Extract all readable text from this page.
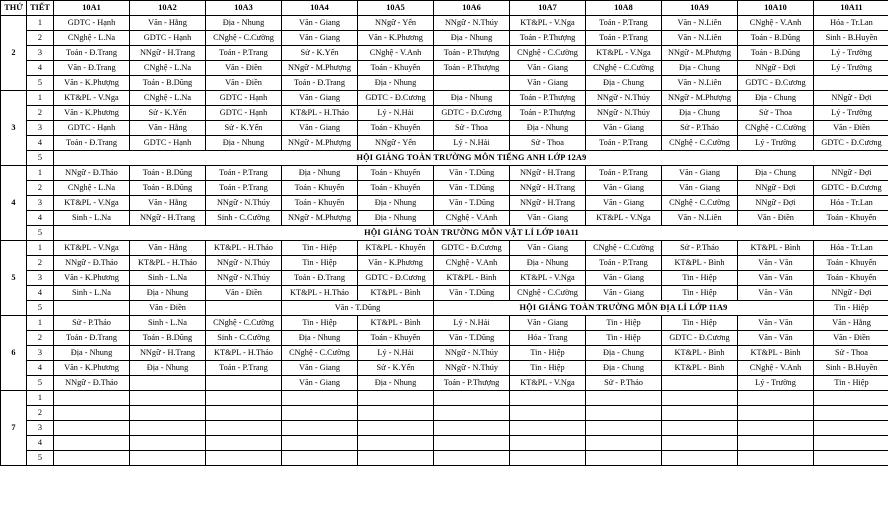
THỨ	TIẾT	10A1	10A2	10A3	10A4	10A5	10A6	10A7	10A8	10A9	10A10	10A11
2	1	GDTC - Hạnh	Văn - Hằng	Địa - Nhung	Văn - Giang	NNgữ - Yến	NNgữ - N.Thúy	KT&PL - V.Nga	Toán - P.Trang	Văn - N.Liên	CNghệ - V.Anh	Hóa - Tr.Lan
	2	CNghệ - L.Na	GDTC - Hạnh	CNghệ - C.Cường	Văn - Giang	Văn - K.Phương	Địa - Nhung	Toán - P.Thượng	Toán - P.Trang	Văn - N.Liên	Toán - B.Dũng	Sinh - B.Huyền
	3	Toán - Đ.Trang	NNgữ - H.Trang	Toán - P.Trang	Sử - K.Yến	CNghệ - V.Anh	Toán - P.Thượng	CNghệ - C.Cường	KT&PL - V.Nga	NNgữ - M.Phượng	Toán - B.Dũng	Lý - Trường
	4	Văn - Đ.Trang	CNghệ - L.Na	Văn - Điền	NNgữ - M.Phượng	Toán - Khuyến	Toán - P.Thượng	Văn - Giang	CNghệ - C.Cường	Địa - Chung	NNgữ - Đợi	Lý - Trường
	5	Văn - K.Phượng	Toán - B.Dũng	Văn - Điền	Toán - Đ.Trang	Địa - Nhung		Văn - Giang	Địa - Chung	Văn - N.Liên	GDTC - Đ.Cương	
3	1	KT&PL - V.Nga	CNghệ - L.Na	GDTC - Hạnh	Văn - Giang	GDTC - Đ.Cương	Địa - Nhung	Toán - P.Thượng	NNgữ - N.Thúy	NNgữ - M.Phượng	Địa - Chung	NNgữ - Đợi
	2	Văn - K.Phương	Sử - K.Yến	GDTC - Hạnh	KT&PL - H.Thảo	Lý - N.Hải	GDTC - Đ.Cương	Toán - P.Thượng	NNgữ - N.Thúy	Địa - Chung	Sử - Thoa	Lý - Trường
	3	GDTC - Hạnh	Văn - Hằng	Sử - K.Yến	Văn - Giang	Toán - Khuyến	Sử - Thoa	Địa - Nhung	Văn - Giang	Sử - P.Thảo	CNghệ - C.Cường	Văn - Điền
	4	Toán - Đ.Trang	GDTC - Hạnh	Địa - Nhung	NNgữ - M.Phượng	NNgữ - Yến	Lý - N.Hải	Sử - Thoa	Toán - P.Trang	CNghệ - C.Cường	Lý - Trường	GDTC - Đ.Cương
	5	HỘI GIẢNG TOÀN TRƯỜNG MÔN TIẾNG ANH LỚP 12A9										
4	1	NNgữ - Đ.Thảo	Toán - B.Dũng	Toán - P.Trang	Địa - Nhung	Toán - Khuyến	Văn - T.Dũng	NNgữ - H.Trang	Toán - P.Trang	Văn - Giang	Địa - Chung	NNgữ - Đợi
	2	CNghệ - L.Na	Toán - B.Dũng	Toán - P.Trang	Toán - Khuyến	Toán - Khuyến	Văn - T.Dũng	NNgữ - H.Trang	Văn - Giang	Văn - Giang	NNgữ - Đợi	GDTC - Đ.Cương
	3	KT&PL - V.Nga	Văn - Hằng	NNgữ - N.Thúy	Toán - Khuyến	Địa - Nhung	Văn - T.Dũng	NNgữ - H.Trang	Văn - Giang	CNghệ - C.Cường	NNgữ - Đợi	Hóa - Tr.Lan
	4	Sinh - L.Na	NNgữ - H.Trang	Sinh - C.Cường	NNgữ - M.Phượng	Địa - Nhung	CNghệ - V.Anh	Văn - Giang	KT&PL - V.Nga	Văn - N.Liên	Văn - Điền	Toán - Khuyến
	5	HỘI GIẢNG TOÀN TRƯỜNG MÔN VẬT LÍ LỚP 10A11										
5	1	KT&PL - V.Nga	Văn - Hằng	KT&PL - H.Thảo	Tin - Hiệp	KT&PL - Khuyến	GDTC - Đ.Cương	Văn - Giang	CNghệ - C.Cường	Sử - P.Thảo	KT&PL - Bình	Hóa - Tr.Lan
	2	NNgữ - Đ.Thảo	KT&PL - H.Thảo	NNgữ - N.Thúy	Tin - Hiệp	Văn - K.Phương	CNghệ - V.Anh	Địa - Nhung	Toán - P.Trang	KT&PL - Bình	Văn - Văn	Toán - Khuyến
	3	Văn - K.Phương	Sinh - L.Na	NNgữ - N.Thúy	Toán - Đ.Trang	GDTC - Đ.Cương	KT&PL - Bình	KT&PL - V.Nga	Văn - Giang	Tin - Hiệp	Văn - Văn	Toán - Khuyến
	4	Sinh - L.Na	Địa - Nhung	Văn - Điền	KT&PL - H.Thảo	KT&PL - Bình	Văn - T.Dũng	CNghệ - C.Cường	Văn - Giang	Tin - Hiệp	Văn - Văn	NNgữ - Đợi
	5		Văn - Điền		Văn - T.Dũng		HỘI GIẢNG TOÀN TRƯỜNG MÔN ĐỊA LÍ LỚP 11A9					Tin - Hiệp
6	1	Sử - P.Thảo	Sinh - L.Na	CNghệ - C.Cường	Tin - Hiệp	KT&PL - Bình	Lý - N.Hải	Văn - Giang	Tin - Hiệp	Tin - Hiệp	Văn - Văn	Văn - Hằng
	2	Toán - Đ.Trang	Toán - B.Dũng	Sinh - C.Cường	Địa - Nhung	Toán - Khuyến	Văn - T.Dũng	Hóa - Trang	Tin - Hiệp	GDTC - Đ.Cương	Văn - Văn	Văn - Điền
	3	Địa - Nhung	NNgữ - H.Trang	KT&PL - H.Thảo	CNghệ - C.Cường	Lý - N.Hải	NNgữ - N.Thúy	Tin - Hiệp	Địa - Chung	KT&PL - Bình	KT&PL - Bình	Sử - Thoa
	4	Văn - K.Phương	Địa - Nhung	Toán - P.Trang	Văn - Giang	Sử - K.Yến	NNgữ - N.Thúy	Tin - Hiệp	Địa - Chung	KT&PL - Bình	CNghệ - V.Anh	Sinh - B.Huyền
	5	NNgữ - Đ.Thảo			Văn - Giang	Địa - Nhung	Toán - P.Thượng	KT&PL - V.Nga	Sử - P.Thảo		Lý - Trường	Tin - Hiệp
7	1											
	2											
	3											
	4											
	5											
